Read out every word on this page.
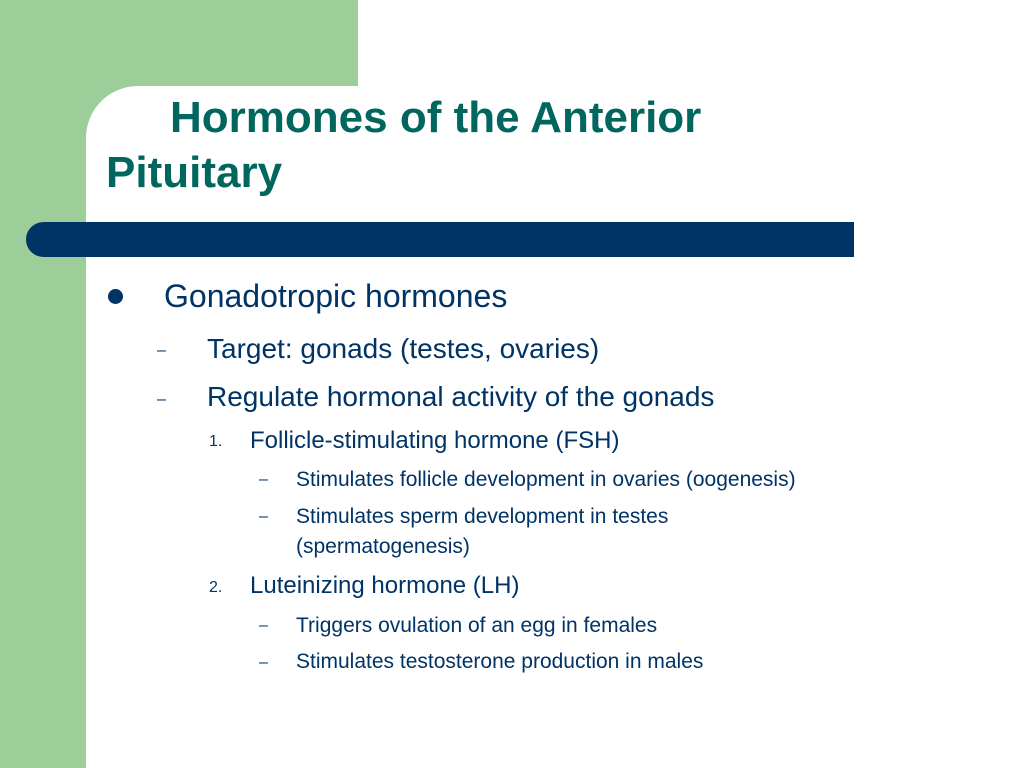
Hormones of the Anterior Pituitary
Gonadotropic hormones
– Target: gonads (testes, ovaries)
– Regulate hormonal activity of the gonads
1. Follicle-stimulating hormone (FSH)
– Stimulates follicle development in ovaries (oogenesis)
– Stimulates sperm development in testes
(spermatogenesis)
2. Luteinizing hormone (LH)
– Triggers ovulation of an egg in females
– Stimulates testosterone production in males
